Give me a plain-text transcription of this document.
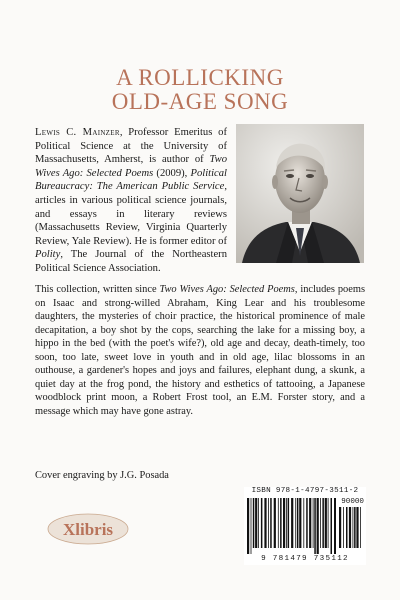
A ROLLICKING
OLD-AGE SONG
Lewis C. Mainzer, Professor Emeritus of Political Science at the University of Massachusetts, Amherst, is author of Two Wives Ago: Selected Poems (2009), Political Bureaucracy: The American Public Service, articles in various political science journals, and essays in literary reviews (Massachusetts Review, Virginia Quarterly Review, Yale Review). He is former editor of Polity, The Journal of the Northeastern Political Science Association.
This collection, written since Two Wives Ago: Selected Poems, includes poems on Isaac and strong-willed Abraham, King Lear and his troublesome daughters, the mysteries of choir practice, the historical prominence of male decapitation, a boy shot by the cops, searching the lake for a missing boy, a hippo in the bed (with the poet's wife?), old age and decay, death-timely, too soon, too late, sweet love in youth and in old age, lilac blossoms in an outhouse, a gardener's hopes and joys and failures, elephant dung, a skunk, a quiet day at the frog pond, the history and esthetics of tattooing, a Japanese woodblock print moon, a Robert Frost tool, an E.M. Forster story, and a message which may have gone astray.
Cover engraving by J.G. Posada
Xlibris
ISBN 978-1-4797-3511-2
90000
9 781479 735112
